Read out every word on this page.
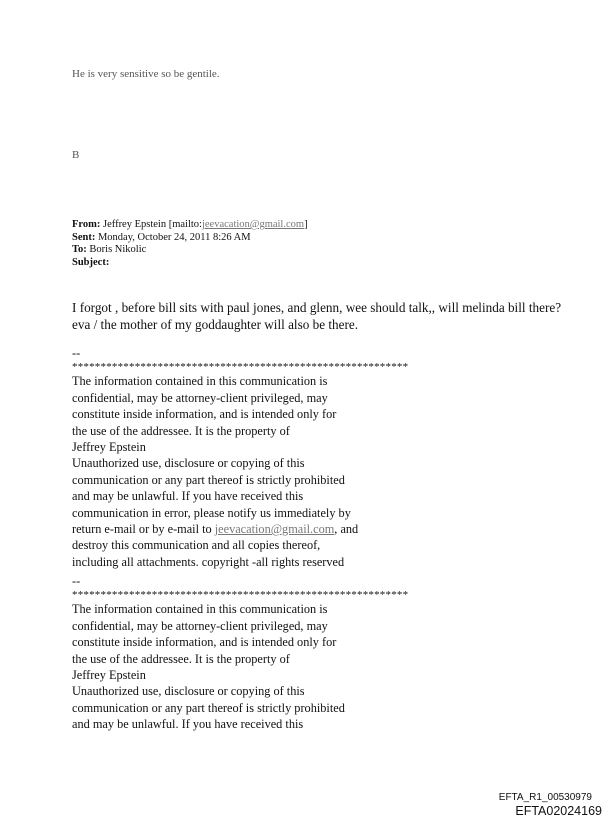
He is very sensitive so be gentile.
B
From: Jeffrey Epstein [mailto:jeevacation@gmail.com]
Sent: Monday, October 24, 2011 8:26 AM
To: Boris Nikolic
Subject:
I forgot , before bill sits with paul jones, and glenn, wee should talk,, will melinda bill there?
eva / the mother of my goddaughter will also be there.
--
***********************************************************
The information contained in this communication is
confidential, may be attorney-client privileged, may
constitute inside information, and is intended only for
the use of the addressee. It is the property of
Jeffrey Epstein
Unauthorized use, disclosure or copying of this
communication or any part thereof is strictly prohibited
and may be unlawful. If you have received this
communication in error, please notify us immediately by
return e-mail or by e-mail to jeevacation@gmail.com, and
destroy this communication and all copies thereof,
including all attachments. copyright -all rights reserved
--
***********************************************************
The information contained in this communication is
confidential, may be attorney-client privileged, may
constitute inside information, and is intended only for
the use of the addressee. It is the property of
Jeffrey Epstein
Unauthorized use, disclosure or copying of this
communication or any part thereof is strictly prohibited
and may be unlawful. If you have received this
EFTA_R1_00530979
EFTA02024169
